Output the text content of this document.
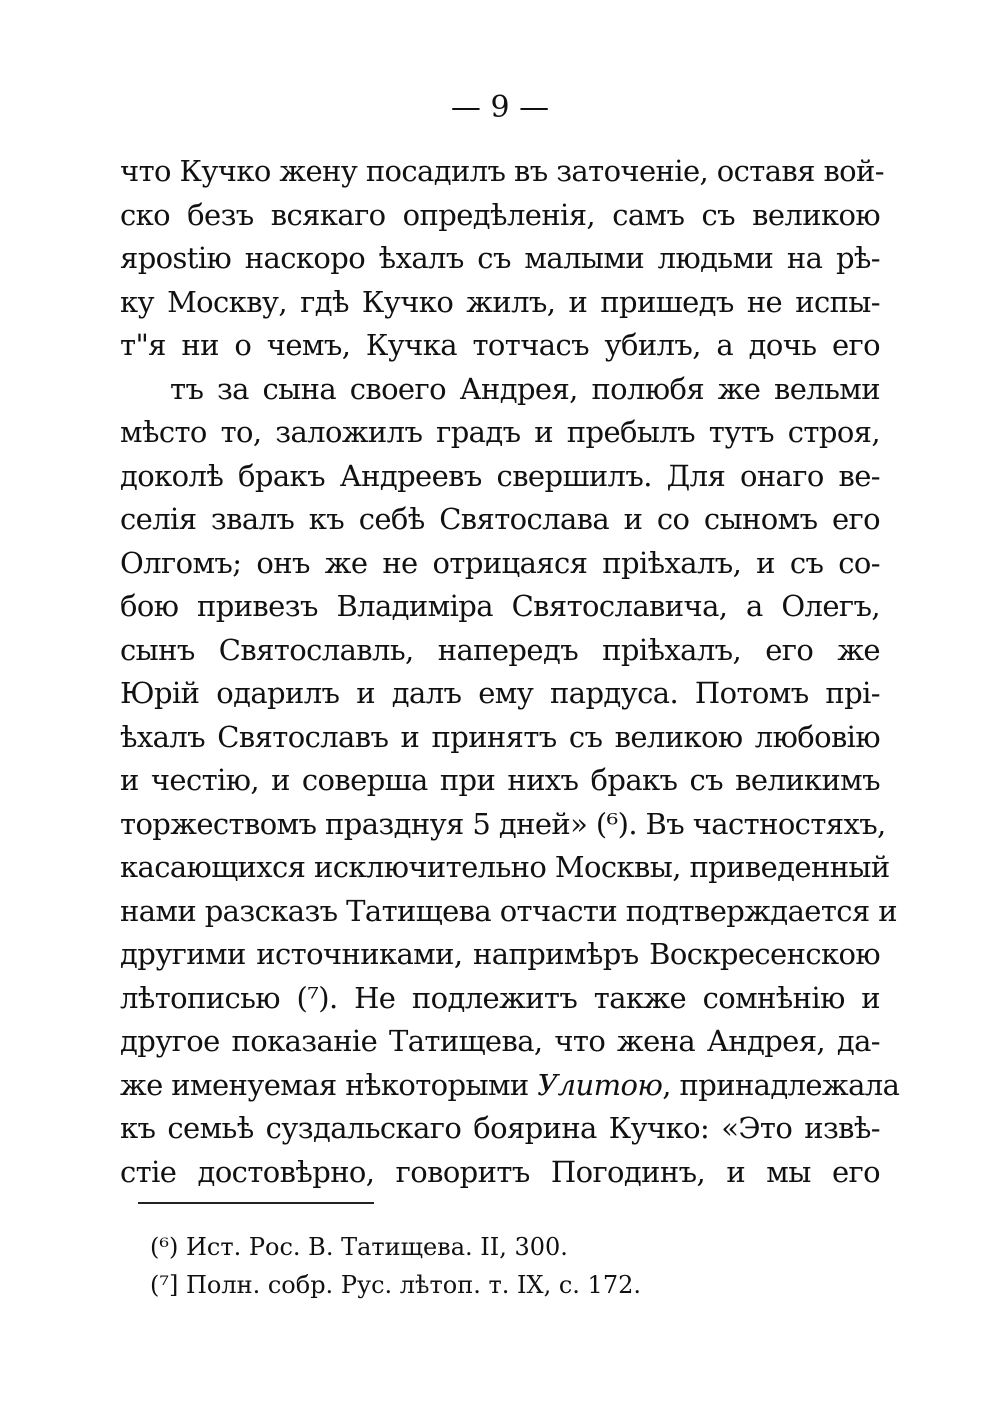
— 9 —
что Кучко жену посадилъ въ заточеніе, оставя вой-
ско безъ всякаго опредѣленія, самъ съ великою
ярostiю наскоро ѣхалъ съ малыми людьми на рѣ-
ку Москву, гдѣ Кучко жилъ, и пришедъ не испы-
т"я ни о чемъ, Кучка тотчасъ убилъ, а дочь его
тъ за сына своего Андрея, полюбя же вельми
мѣсто то, заложилъ градъ и пребылъ тутъ строя,
доколѣ бракъ Андреевъ свершилъ. Для онаго ве-
селія звалъ къ себѣ Святослава и со сыномъ его
Олгомъ; онъ же не отрицаяся пріѣхалъ, и съ со-
бою привезъ Владиміра Святославича, а Олегъ,
сынъ Святославль, напередъ пріѣхалъ, его же
Юрій одарилъ и далъ ему пардуса. Потомъ прі-
ѣхалъ Святославъ и принятъ съ великою любовію
и честію, и соверша при нихъ бракъ съ великимъ
торжествомъ празднуя 5 дней» (⁶). Въ частностяхъ,
касающихся исключительно Москвы, приведенный
нами разсказъ Татищева отчасти подтверждается и
другими источниками, напримѣръ Воскресенскою
лѣтописью (⁷). Не подлежитъ также сомнѣнію и
другое показаніе Татищева, что жена Андрея, да-
же именуемая нѣкоторыми Улитою, принадлежала
къ семьѣ суздальскаго боярина Кучко: «Это извѣ-
стіе достовѣрно, говоритъ Погодинъ, и мы его
(⁶) Ист. Рос. В. Татищева. II, 300.
(⁷] Полн. собр. Рус. лѣтоп. т. IX, с. 172.
